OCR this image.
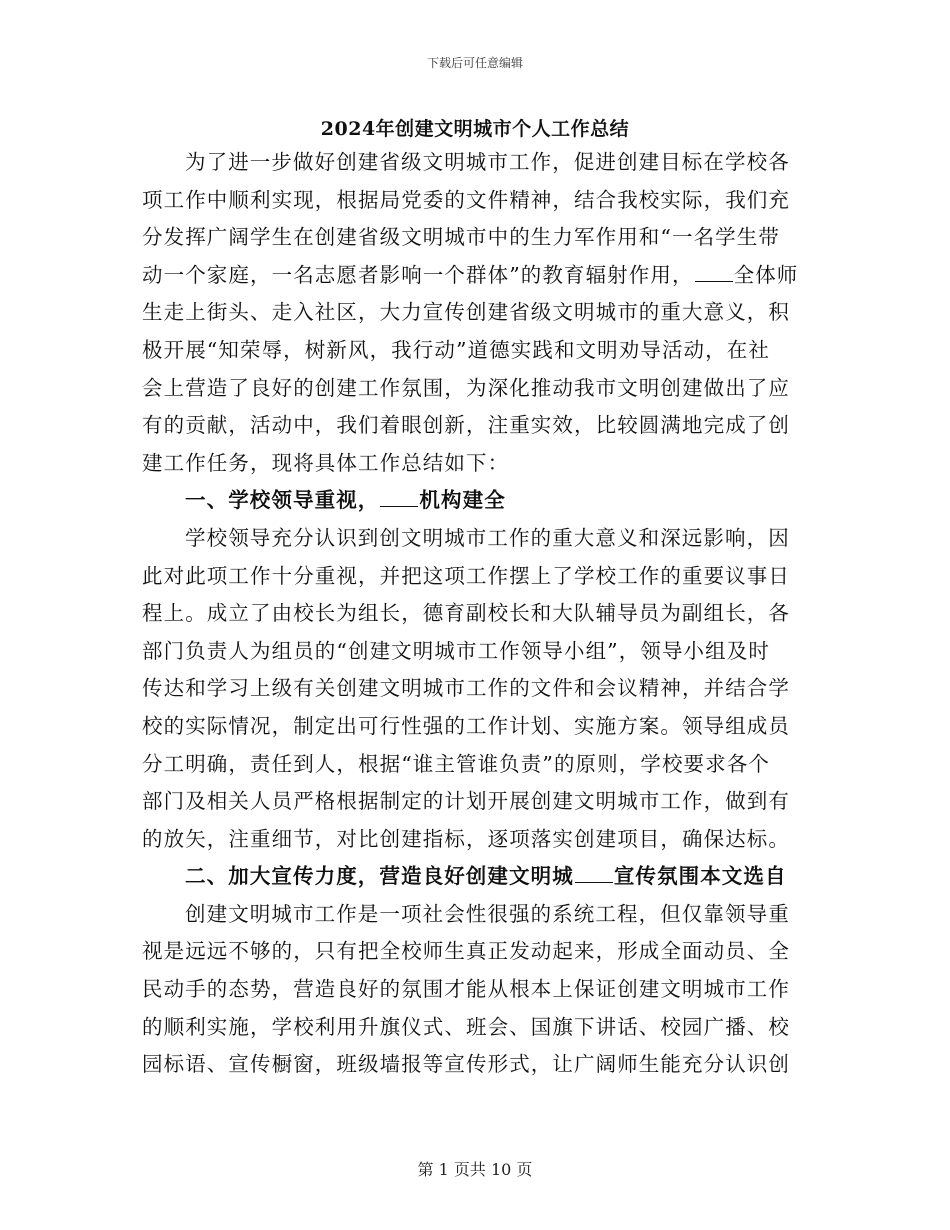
下载后可任意编辑
2024年创建文明城市个人工作总结
为了进一步做好创建省级文明城市工作，促进创建目标在学校各
项工作中顺利实现，根据局党委的文件精神，结合我校实际，我们充
分发挥广阔学生在创建省级文明城市中的生力军作用和“一名学生带
动一个家庭，一名志愿者影响一个群体”的教育辐射作用， 全体师
生走上街头、走入社区，大力宣传创建省级文明城市的重大意义，积
极开展“知荣辱，树新风，我行动”道德实践和文明劝导活动，在社
会上营造了良好的创建工作氛围，为深化推动我市文明创建做出了应
有的贡献，活动中，我们着眼创新，注重实效，比较圆满地完成了创
建工作任务，现将具体工作总结如下：
一、学校领导重视， 机构建全
学校领导充分认识到创文明城市工作的重大意义和深远影响，因
此对此项工作十分重视，并把这项工作摆上了学校工作的重要议事日
程上。成立了由校长为组长，德育副校长和大队辅导员为副组长，各
部门负责人为组员的“创建文明城市工作领导小组”，领导小组及时
传达和学习上级有关创建文明城市工作的文件和会议精神，并结合学
校的实际情况，制定出可行性强的工作计划、实施方案。领导组成员
分工明确，责任到人，根据“谁主管谁负责”的原则，学校要求各个
部门及相关人员严格根据制定的计划开展创建文明城市工作，做到有
的放矢，注重细节，对比创建指标，逐项落实创建项目，确保达标。
二、加大宣传力度，营造良好创建文明城 宣传氛围本文选自
创建文明城市工作是一项社会性很强的系统工程，但仅靠领导重
视是远远不够的，只有把全校师生真正发动起来，形成全面动员、全
民动手的态势，营造良好的氛围才能从根本上保证创建文明城市工作
的顺利实施，学校利用升旗仪式、班会、国旗下讲话、校园广播、校
园标语、宣传橱窗，班级墙报等宣传形式，让广阔师生能充分认识创
第 1 页共 10 页
